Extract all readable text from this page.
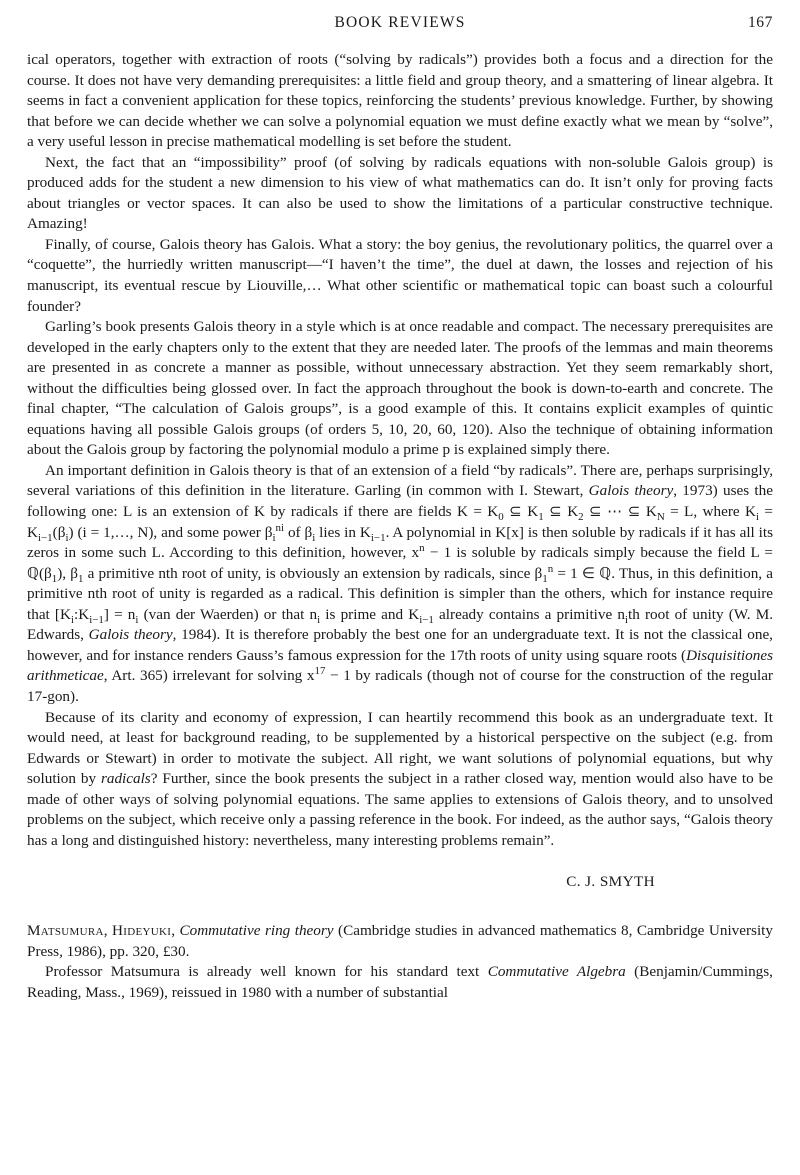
BOOK REVIEWS	167

ical operators, together with extraction of roots (“solving by radicals”) provides both a focus and a direction for the course. It does not have very demanding prerequisites: a little field and group theory, and a smattering of linear algebra. It seems in fact a convenient application for these topics, reinforcing the students’ previous knowledge. Further, by showing that before we can decide whether we can solve a polynomial equation we must define exactly what we mean by “solve”, a very useful lesson in precise mathematical modelling is set before the student.

Next, the fact that an “impossibility” proof (of solving by radicals equations with non-soluble Galois group) is produced adds for the student a new dimension to his view of what mathematics can do. It isn’t only for proving facts about triangles or vector spaces. It can also be used to show the limitations of a particular constructive technique. Amazing!

Finally, of course, Galois theory has Galois. What a story: the boy genius, the revolutionary politics, the quarrel over a “coquette”, the hurriedly written manuscript—“I haven’t the time”, the duel at dawn, the losses and rejection of his manuscript, its eventual rescue by Liouville,… What other scientific or mathematical topic can boast such a colourful founder?

Garling’s book presents Galois theory in a style which is at once readable and compact. The necessary prerequisites are developed in the early chapters only to the extent that they are needed later. The proofs of the lemmas and main theorems are presented in as concrete a manner as possible, without unnecessary abstraction. Yet they seem remarkably short, without the difficulties being glossed over. In fact the approach throughout the book is down-to-earth and concrete. The final chapter, “The calculation of Galois groups”, is a good example of this. It contains explicit examples of quintic equations having all possible Galois groups (of orders 5, 10, 20, 60, 120). Also the technique of obtaining information about the Galois group by factoring the polynomial modulo a prime p is explained simply there.

An important definition in Galois theory is that of an extension of a field “by radicals”. There are, perhaps surprisingly, several variations of this definition in the literature. Garling (in common with I. Stewart, Galois theory, 1973) uses the following one: L is an extension of K by radicals if there are fields $K = K_0$ ⊆ $K_1$ ⊆ $K_2$ ⊆ ⋯ ⊆ $K_N = L$, where $K_i = K_{i-1}(\beta_i) (i$ = 1,…, N), and some power $\beta_i^{ni}$ of $\beta_i$ lies in $K_{i-1}$. A polynomial in K[x] is then soluble by radicals if it has all its zeros in some such L. According to this definition, however, $x^n - 1$ is soluble by radicals simply because the field $L = ℚ(\beta_1)$, $\beta_1$ a primitive nth root of unity, is obviously an extension by radicals, since $\beta_1^n = 1$ ∈ ℚ. Thus, in this definition, a primitive nth root of unity is regarded as a radical. This definition is simpler than the others, which for instance require that $[K_i:K_{i-1}] = n_i$ (van der Waerden) or that $n_i$ is prime and $K_{i-1}$ already contains a primitive $n_ith$ root of unity (W. M. Edwards, Galois theory, 1984). It is therefore probably the best one for an undergraduate text. It is not the classical one, however, and for instance renders Gauss’s famous expression for the 17th roots of unity using square roots (Disquisitiones arithmeticae, Art. 365) irrelevant for solving $x^{17} - 1$ by radicals (though not of course for the construction of the regular 17-gon).

Because of its clarity and economy of expression, I can heartily recommend this book as an undergraduate text. It would need, at least for background reading, to be supplemented by a historical perspective on the subject (e.g. from Edwards or Stewart) in order to motivate the subject. All right, we want solutions of polynomial equations, but why solution by radicals? Further, since the book presents the subject in a rather closed way, mention would also have to be made of other ways of solving polynomial equations. The same applies to extensions of Galois theory, and to unsolved problems on the subject, which receive only a passing reference in the book. For indeed, as the author says, “Galois theory has a long and distinguished history: nevertheless, many interesting problems remain”.

C. J. SMYTH
Matsumura, Hideyuki, Commutative ring theory (Cambridge studies in advanced mathematics 8, Cambridge University Press, 1986), pp. 320, £30.

Professor Matsumura is already well known for his standard text Commutative Algebra (Benjamin/Cummings, Reading, Mass., 1969), reissued in 1980 with a number of substantial
